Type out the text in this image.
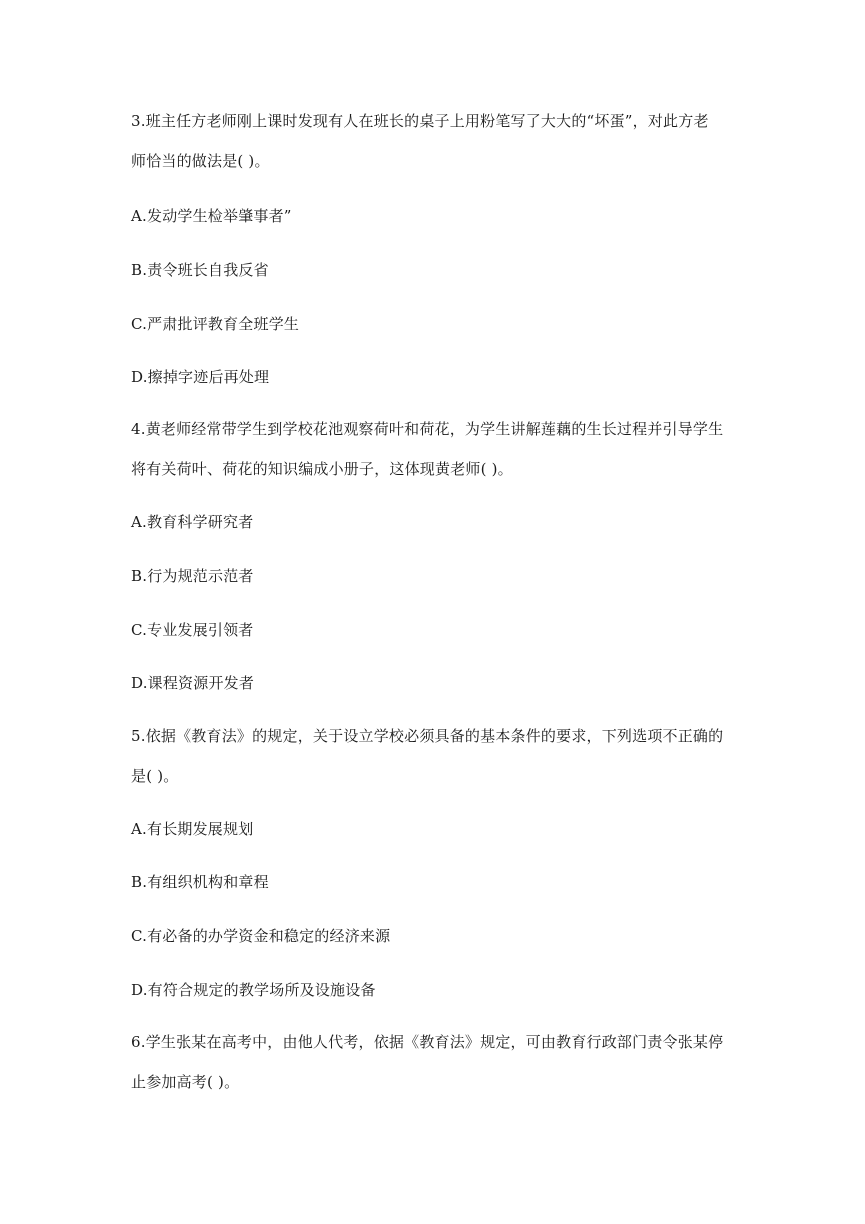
3.班主任方老师刚上课时发现有人在班长的桌子上用粉笔写了大大的“坏蛋”，对此方老
师恰当的做法是( )。
A.发动学生检举肇事者”
B.责令班长自我反省
C.严肃批评教育全班学生
D.擦掉字迹后再处理
4.黄老师经常带学生到学校花池观察荷叶和荷花，为学生讲解莲藕的生长过程并引导学生
将有关荷叶、荷花的知识编成小册子，这体现黄老师( )。
A.教育科学研究者
B.行为规范示范者
C.专业发展引领者
D.课程资源开发者
5.依据《教育法》的规定，关于设立学校必须具备的基本条件的要求，下列选项不正确的
是( )。
A.有长期发展规划
B.有组织机构和章程
C.有必备的办学资金和稳定的经济来源
D.有符合规定的教学场所及设施设备
6.学生张某在高考中，由他人代考，依据《教育法》规定，可由教育行政部门责令张某停
止参加高考( )。
